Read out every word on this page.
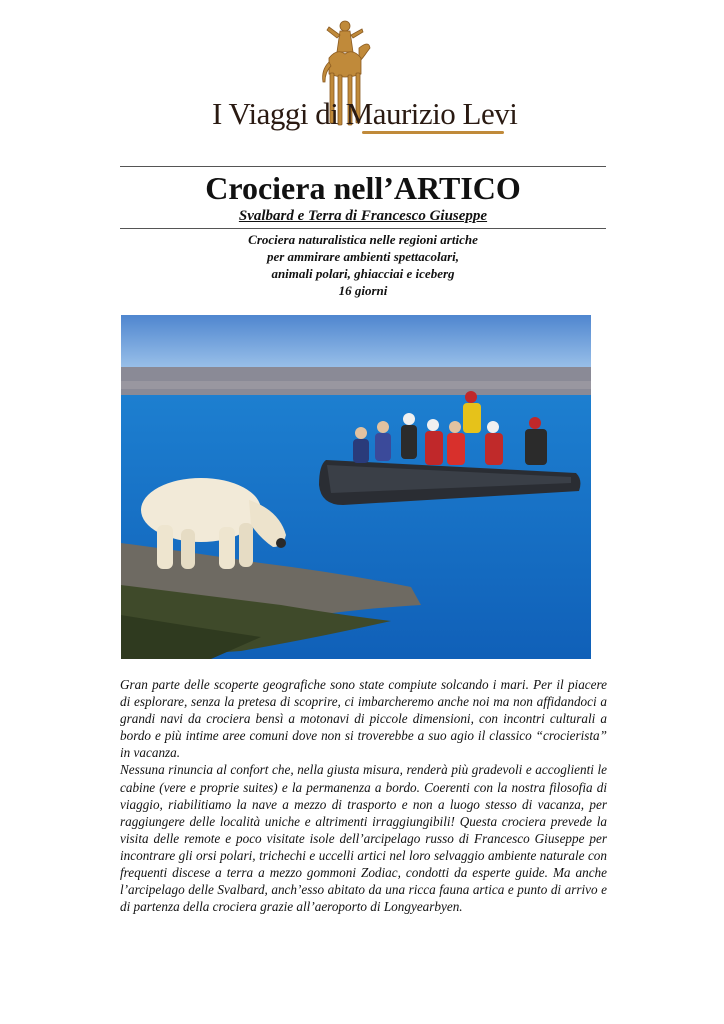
I Viaggi di Maurizio Levi
Crociera nell’ARTICO
Svalbard e Terra di Francesco Giuseppe
Crociera naturalistica nelle regioni artiche
per ammirare ambienti spettacolari,
animali polari, ghiacciai e iceberg
16 giorni

Gran parte delle scoperte geografiche sono state compiute solcando i mari. Per il piacere di esplorare, senza la pretesa di scoprire, ci imbarcheremo anche noi ma non affidandoci a grandi navi da crociera bensì a motonavi di piccole dimensioni, con incontri culturali a bordo e più intime aree comuni dove non si troverebbe a suo agio il classico “crocierista” in vacanza.

Nessuna rinuncia al confort che, nella giusta misura, renderà più gradevoli e accoglienti le cabine (vere e proprie suites) e la permanenza a bordo. Coerenti con la nostra filosofia di viaggio, riabilitiamo la nave a mezzo di trasporto e non a luogo stesso di vacanza, per raggiungere delle località uniche e altrimenti irraggiungibili! Questa crociera prevede la visita delle remote e poco visitate isole dell’arcipelago russo di Francesco Giuseppe per incontrare gli orsi polari, trichechi e uccelli artici nel loro selvaggio ambiente naturale con frequenti discese a terra a mezzo gommoni Zodiac, condotti da esperte guide. Ma anche l’arcipelago delle Svalbard, anch’esso abitato da una ricca fauna artica e punto di arrivo e di partenza della crociera grazie all’aeroporto di Longyearbyen.
